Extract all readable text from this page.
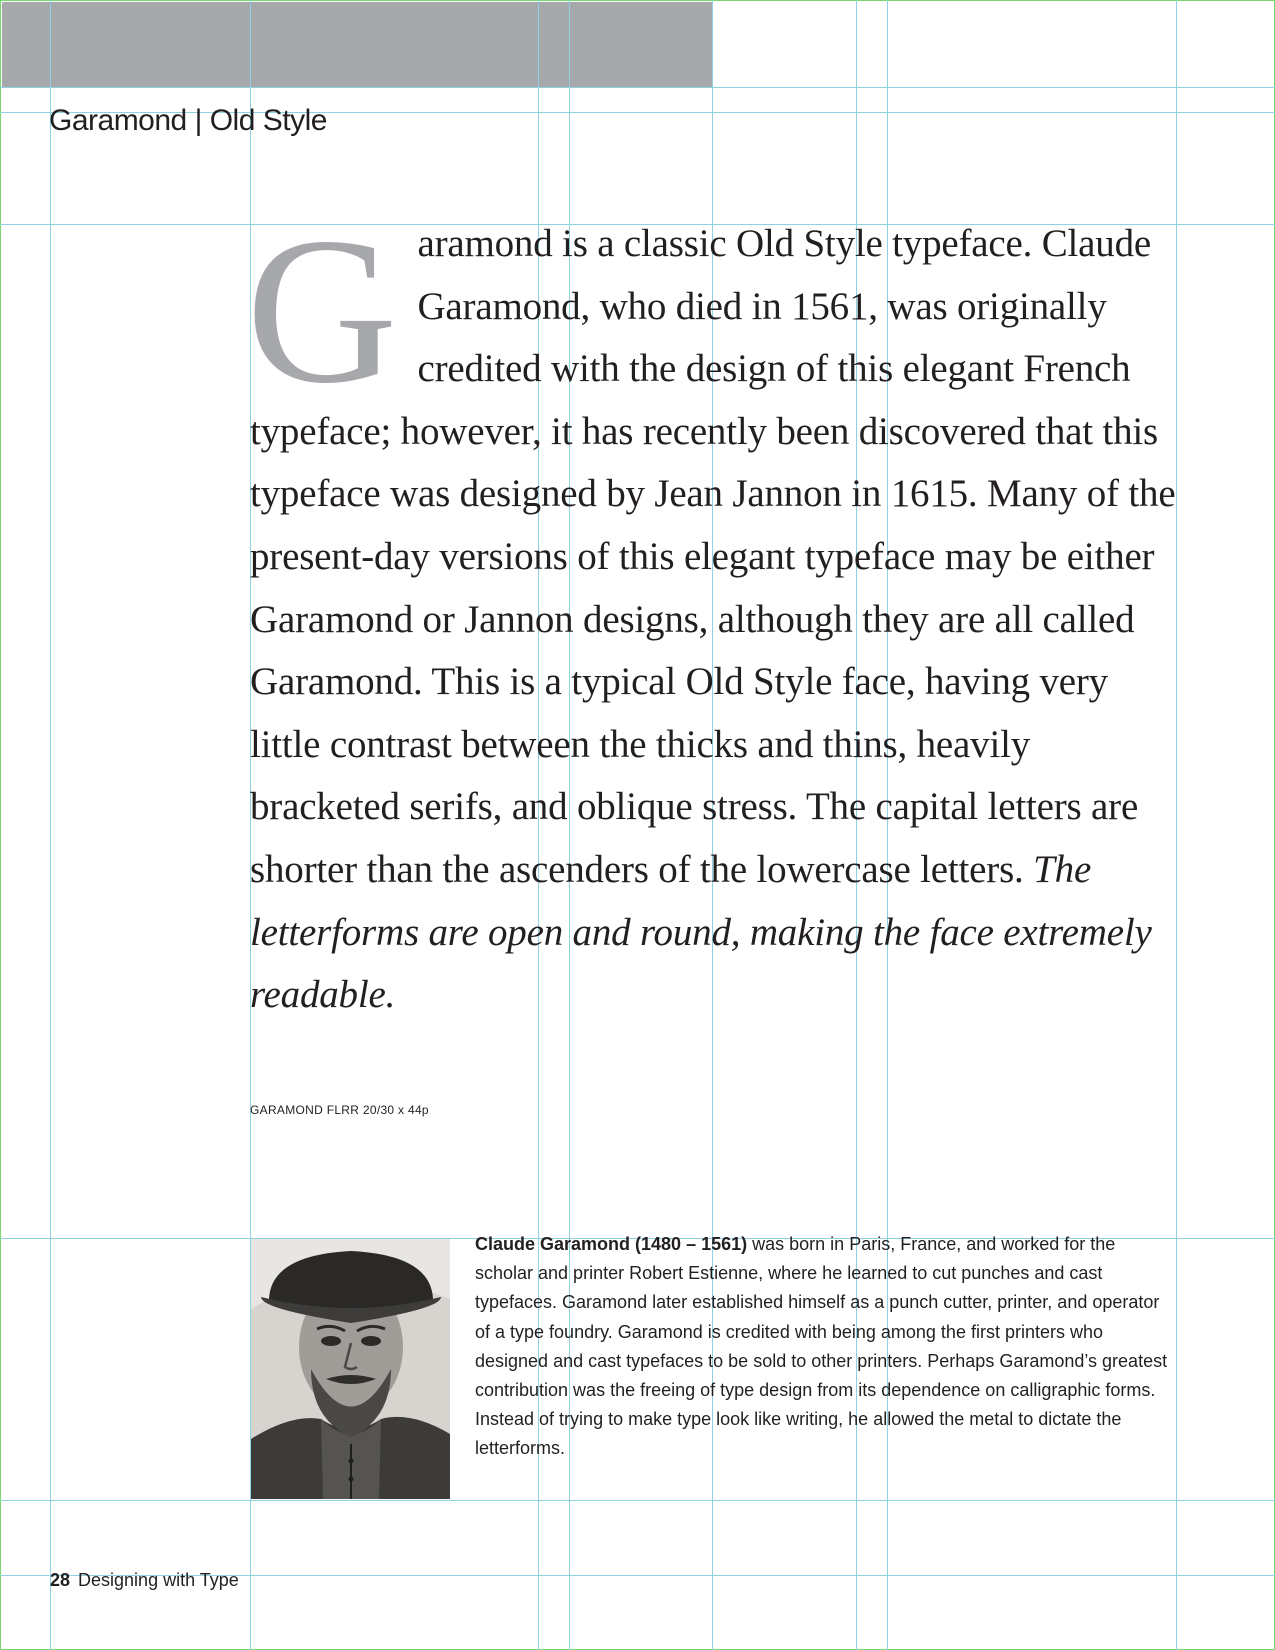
Garamond | Old Style

Garamond is a classic Old Style typeface. Claude Garamond, who died in 1561, was originally credited with the design of this elegant French typeface; however, it has recently been discovered that this typeface was designed by Jean Jannon in 1615. Many of the present-day versions of this elegant typeface may be either Garamond or Jannon designs, although they are all called Garamond. This is a typical Old Style face, having very little contrast between the thicks and thins, heavily bracketed serifs, and oblique stress. The capital letters are shorter than the ascenders of the lowercase letters. The letterforms are open and round, making the face extremely readable.

GARAMOND FLRR 20/30 x 44p

Claude Garamond (1480 – 1561) was born in Paris, France, and worked for the scholar and printer Robert Estienne, where he learned to cut punches and cast typefaces. Garamond later established himself as a punch cutter, printer, and operator of a type foundry. Garamond is credited with being among the first printers who designed and cast typefaces to be sold to other printers. Perhaps Garamond’s greatest contribution was the freeing of type design from its dependence on calligraphic forms. Instead of trying to make type look like writing, he allowed the metal to dictate the letterforms.

28 Designing with Type
